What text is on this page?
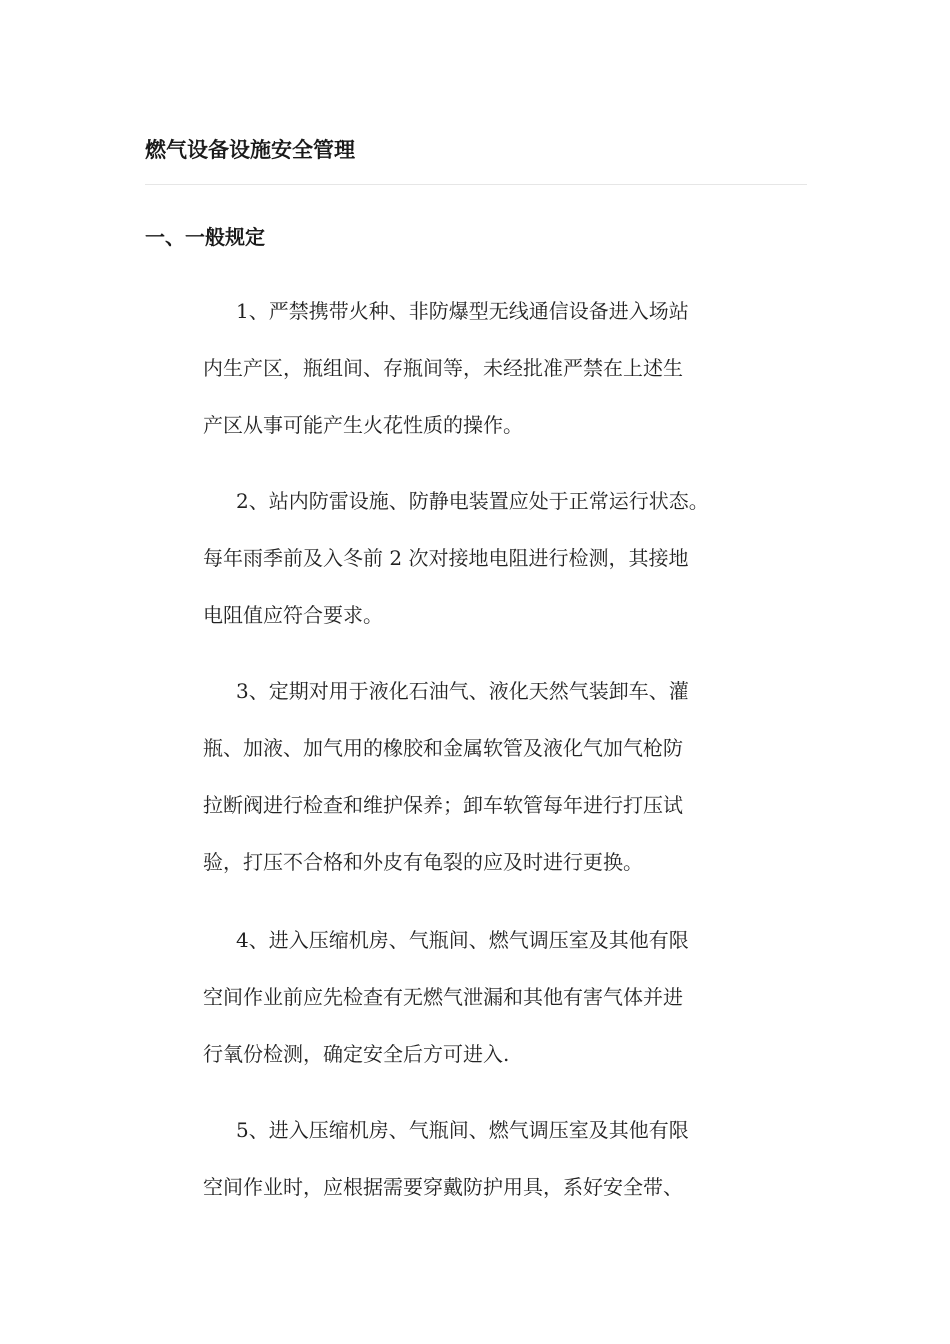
燃气设备设施安全管理
一、一般规定
1、严禁携带火种、非防爆型无线通信设备进入场站
内生产区，瓶组间、存瓶间等，未经批准严禁在上述生
产区从事可能产生火花性质的操作。
2、站内防雷设施、防静电装置应处于正常运行状态。
每年雨季前及入冬前 2 次对接地电阻进行检测，其接地
电阻值应符合要求。
3、定期对用于液化石油气、液化天然气装卸车、灌
瓶、加液、加气用的橡胶和金属软管及液化气加气枪防
拉断阀进行检查和维护保养；卸车软管每年进行打压试
验，打压不合格和外皮有龟裂的应及时进行更换。
4、进入压缩机房、气瓶间、燃气调压室及其他有限
空间作业前应先检查有无燃气泄漏和其他有害气体并进
行氧份检测，确定安全后方可进入.
5、进入压缩机房、气瓶间、燃气调压室及其他有限
空间作业时，应根据需要穿戴防护用具，系好安全带、
